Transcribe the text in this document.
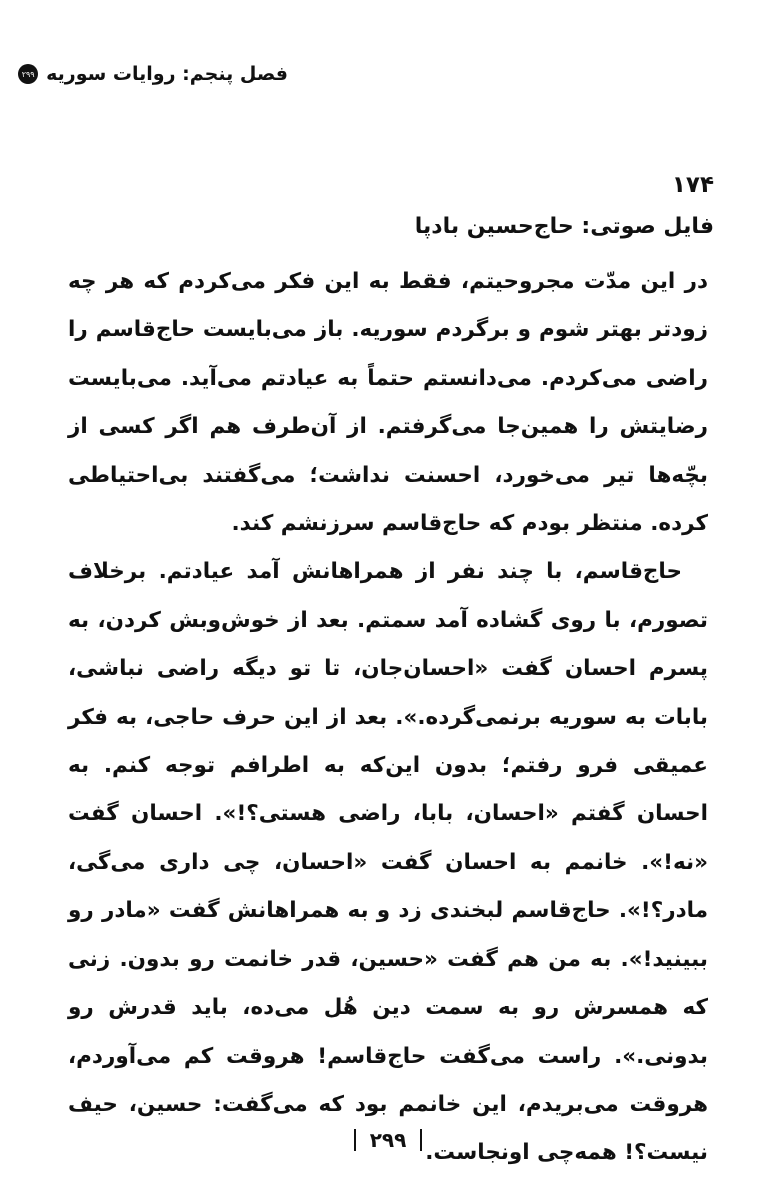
فصل پنجم: روایات سوریه
۲۹۹
۱۷۴
فایل صوتی: حاج‌حسین بادپا

در این مدّت مجروحیتم، فقط به این فکر می‌کردم که هر چه زودتر بهتر شوم و برگردم سوریه. باز می‌بایست حاج‌قاسم را راضی می‌کردم. می‌دانستم حتماً به عیادتم می‌آید. می‌بایست رضایتش را همین‌جا می‌گرفتم. از آن‌طرف هم اگر کسی از بچّه‌ها تیر می‌خورد، احسنت نداشت؛ می‌گفتند بی‌احتیاطی کرده. منتظر بودم که حاج‌قاسم سرزنشم کند.

حاج‌قاسم، با چند نفر از همراهانش آمد عیادتم. برخلاف تصورم، با روی گشاده آمد سمتم. بعد از خوش‌وبش کردن، به پسرم احسان گفت «احسان‌جان، تا تو دیگه راضی نباشی، بابات به سوریه برنمی‌گرده.». بعد از این حرف حاجی، به فکر عمیقی فرو رفتم؛ بدون این‌که به اطرافم توجه کنم. به احسان گفتم «احسان، بابا، راضی هستی؟!». احسان گفت «نه!». خانمم به احسان گفت «احسان، چی داری می‌گی، مادر؟!». حاج‌قاسم لبخندی زد و به همراهانش گفت «مادر رو ببینید!». به من هم گفت «حسین، قدر خانمت رو بدون. زنی که همسرش رو به سمت دین هُل می‌ده، باید قدرش رو بدونی.». راست می‌گفت حاج‌قاسم! هروقت کم می‌آوردم، هروقت می‌بریدم، این خانمم بود که می‌گفت: حسین، حیف نیست؟! همه‌چی اونجاست.

۲۹۹
